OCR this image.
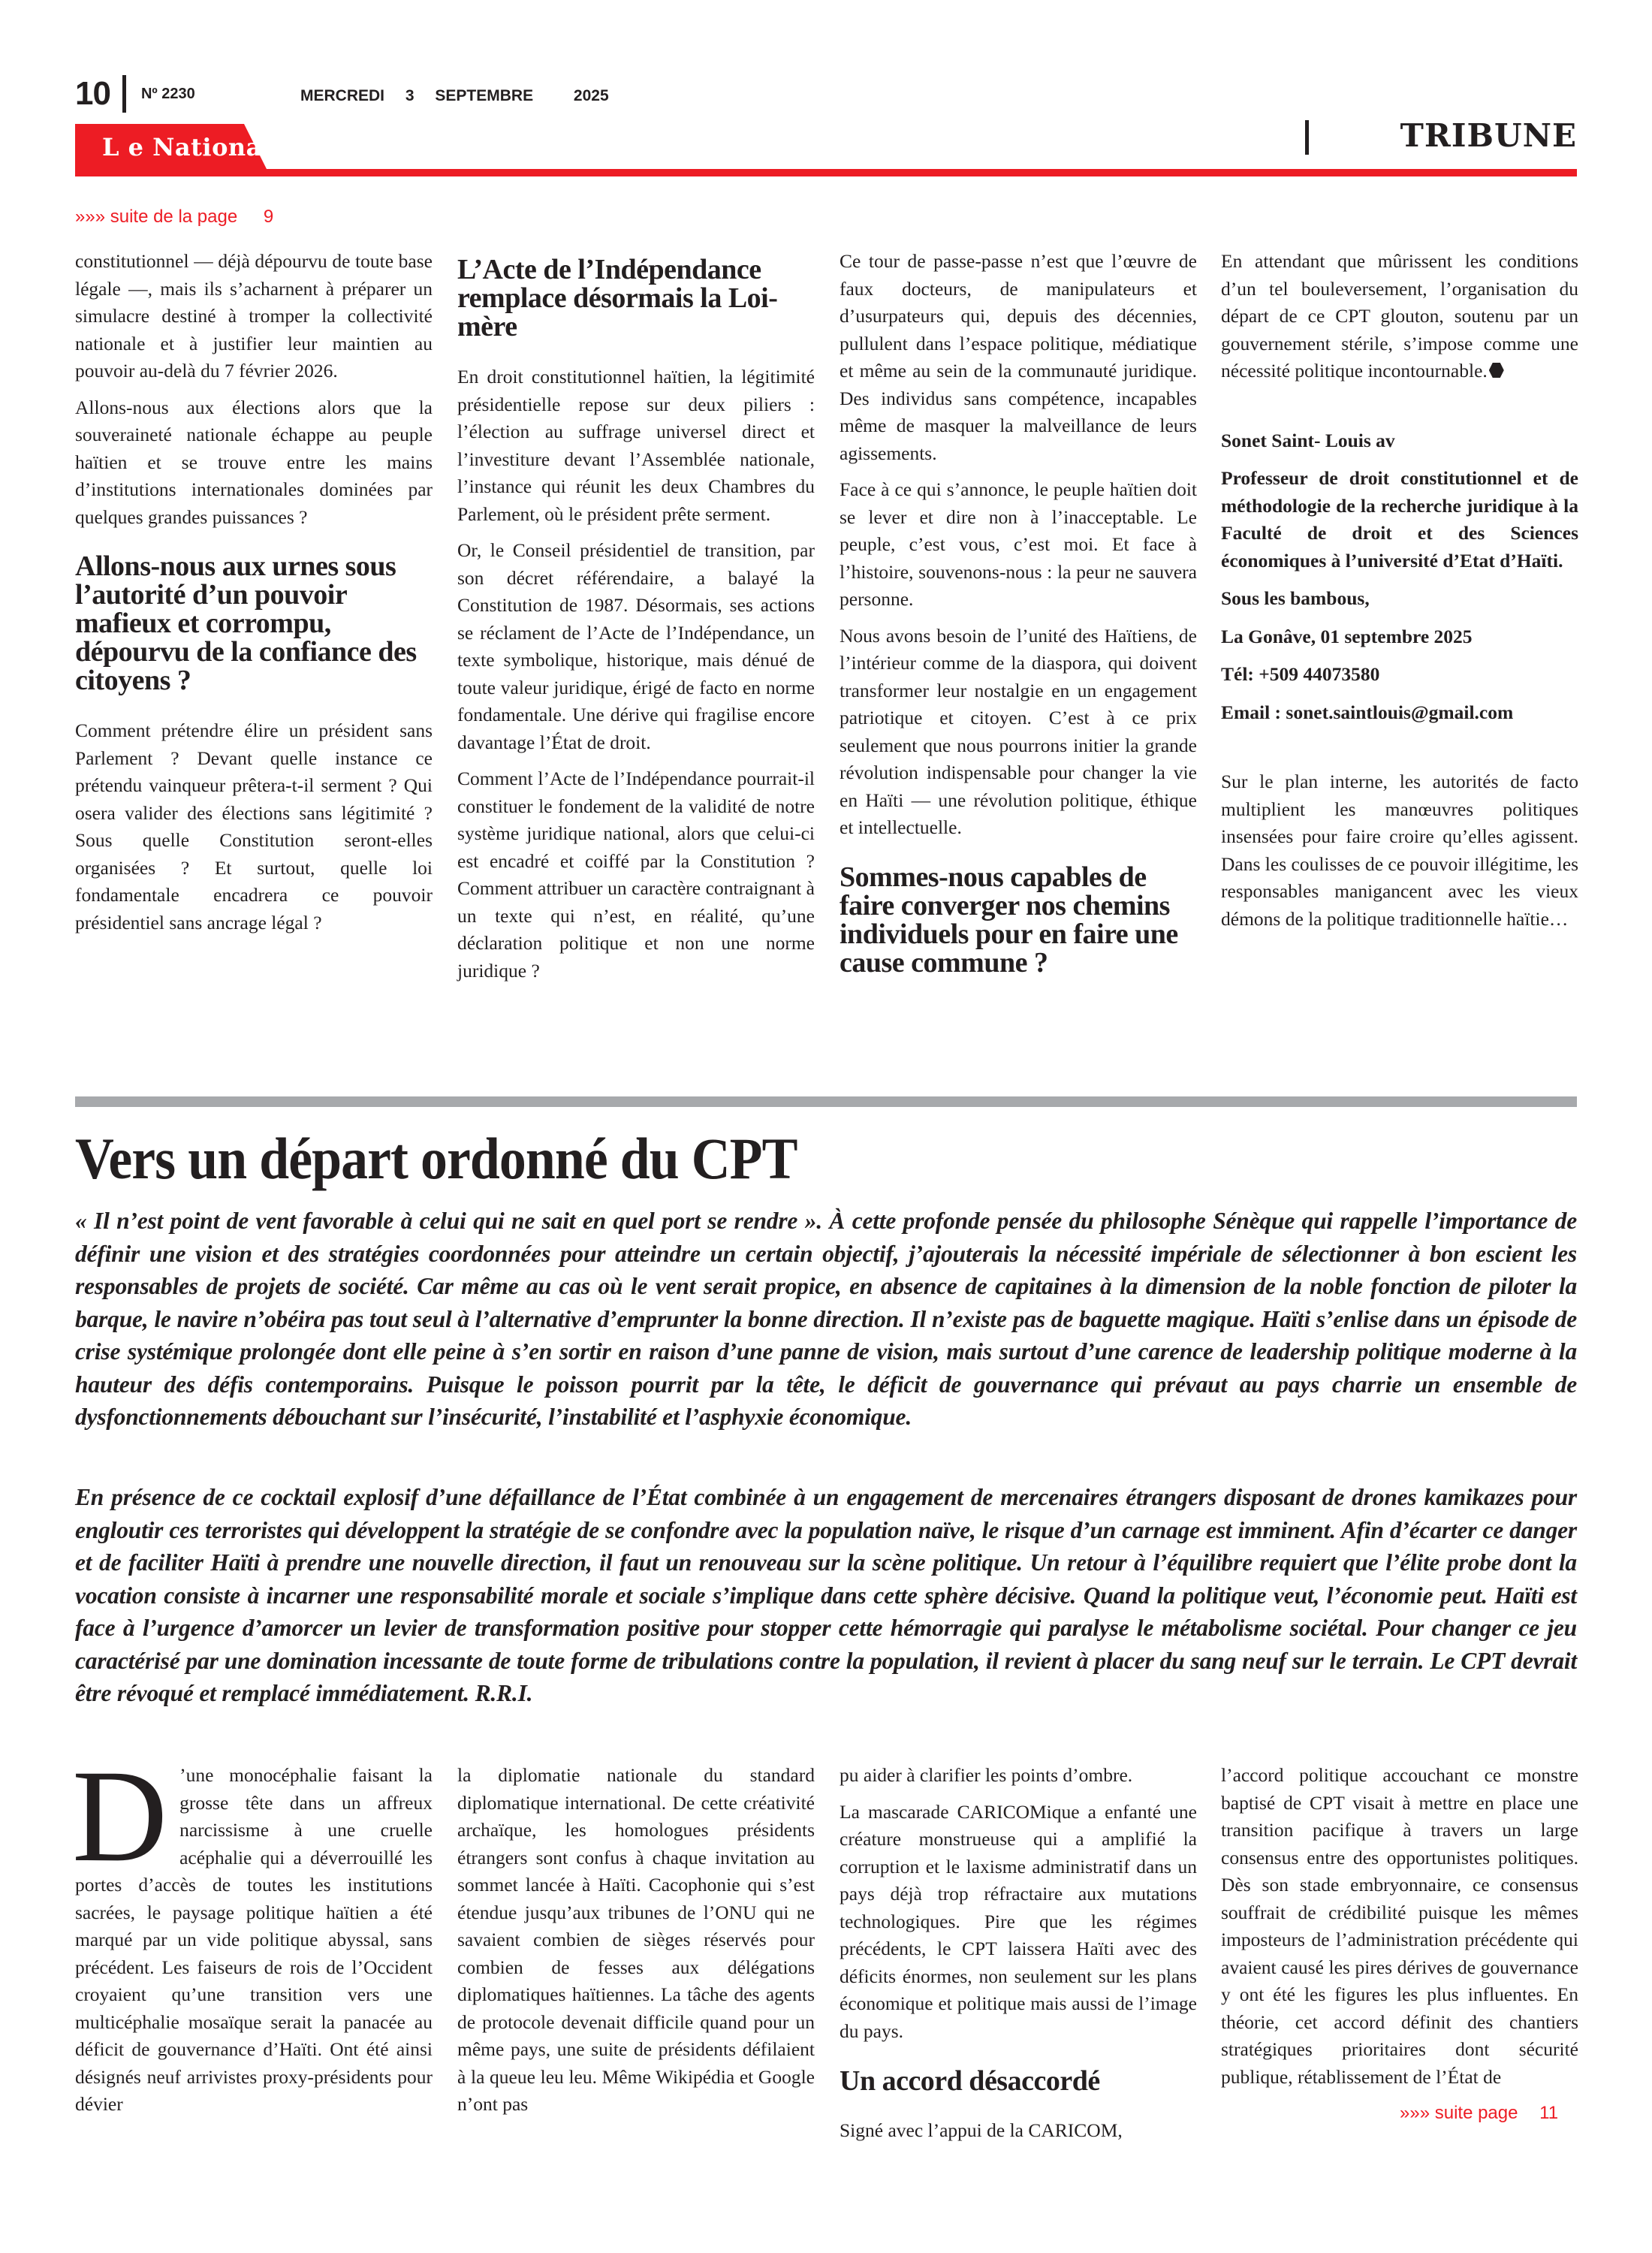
10 Nº 2230	MERCREDI 3 SEPTEMBRE	2025
L e National	TRIBUNE
»»» suite de la page 9

constitutionnel — déjà dépourvu de toute base légale —, mais ils s’acharnent à préparer un simulacre destiné à tromper la collectivité nationale et à justifier leur maintien au pouvoir au-delà du 7 février 2026.

Allons-nous aux élections alors que la souveraineté nationale échappe au peuple haïtien et se trouve entre les mains d’institutions internationales dominées par quelques grandes puissances ?

Allons-nous aux urnes sous l’autorité d’un pouvoir mafieux et corrompu, dépourvu de la confiance des citoyens ?

Comment prétendre élire un président sans Parlement ? Devant quelle instance ce prétendu vainqueur prêtera-t-il serment ? Qui osera valider des élections sans légitimité ? Sous quelle Constitution seront-elles organisées ? Et surtout, quelle loi fondamentale encadrera ce pouvoir présidentiel sans ancrage légal ?

L’Acte de l’Indépendance remplace désormais la Loi-mère

En droit constitutionnel haïtien, la légitimité présidentielle repose sur deux piliers : l’élection au suffrage universel direct et l’investiture devant l’Assemblée nationale, l’instance qui réunit les deux Chambres du Parlement, où le président prête serment.

Or, le Conseil présidentiel de transition, par son décret référendaire, a balayé la Constitution de 1987. Désormais, ses actions se réclament de l’Acte de l’Indépendance, un texte symbolique, historique, mais dénué de toute valeur juridique, érigé de facto en norme fondamentale. Une dérive qui fragilise encore davantage l’État de droit.

Comment l’Acte de l’Indépendance pourrait-il constituer le fondement de la validité de notre système juridique national, alors que celui-ci est encadré et coiffé par la Constitution ? Comment attribuer un caractère contraignant à un texte qui n’est, en réalité, qu’une déclaration politique et non une norme juridique ?

Ce tour de passe-passe n’est que l’œuvre de faux docteurs, de manipulateurs et d’usurpateurs qui, depuis des décennies, pullulent dans l’espace politique, médiatique et même au sein de la communauté juridique. Des individus sans compétence, incapables même de masquer la malveillance de leurs agissements.

Face à ce qui s’annonce, le peuple haïtien doit se lever et dire non à l’inacceptable. Le peuple, c’est vous, c’est moi. Et face à l’histoire, souvenons-nous : la peur ne sauvera personne.

Nous avons besoin de l’unité des Haïtiens, de l’intérieur comme de la diaspora, qui doivent transformer leur nostalgie en un engagement patriotique et citoyen. C’est à ce prix seulement que nous pourrons initier la grande révolution indispensable pour changer la vie en Haïti — une révolution politique, éthique et intellectuelle.

Sommes-nous capables de faire converger nos chemins individuels pour en faire une cause commune ?

En attendant que mûrissent les conditions d’un tel bouleversement, l’organisation du départ de ce CPT glouton, soutenu par un gouvernement stérile, s’impose comme une nécessité politique incontournable.

Sonet Saint- Louis av

Professeur de droit constitutionnel et de méthodologie de la recherche juridique à la Faculté de droit et des Sciences économiques à l’université d’Etat d’Haïti.

Sous les bambous,

La Gonâve, 01 septembre 2025

Tél: +509 44073580

Email : sonet.saintlouis@gmail.com

Sur le plan interne, les autorités de facto multiplient les manœuvres politiques insensées pour faire croire qu’elles agissent. Dans les coulisses de ce pouvoir illégitime, les responsables manigancent avec les vieux démons de la politique traditionnelle haïtie…

Vers un départ ordonné du CPT

« Il n’est point de vent favorable à celui qui ne sait en quel port se rendre ». À cette profonde pensée du philosophe Sénèque qui rappelle l’importance de définir une vision et des stratégies coordonnées pour atteindre un certain objectif, j’ajouterais la nécessité impériale de sélectionner à bon escient les responsables de projets de société. Car même au cas où le vent serait propice, en absence de capitaines à la dimension de la noble fonction de piloter la barque, le navire n’obéira pas tout seul à l’alternative d’emprunter la bonne direction. Il n’existe pas de baguette magique. Haïti s’enlise dans un épisode de crise systémique prolongée dont elle peine à s’en sortir en raison d’une panne de vision, mais surtout d’une carence de leadership politique moderne à la hauteur des défis contemporains. Puisque le poisson pourrit par la tête, le déficit de gouvernance qui prévaut au pays charrie un ensemble de dysfonctionnements débouchant sur l’insécurité, l’instabilité et l’asphyxie économique.

En présence de ce cocktail explosif d’une défaillance de l’État combinée à un engagement de mercenaires étrangers disposant de drones kamikazes pour engloutir ces terroristes qui développent la stratégie de se confondre avec la population naïve, le risque d’un carnage est imminent. Afin d’écarter ce danger et de faciliter Haïti à prendre une nouvelle direction, il faut un renouveau sur la scène politique. Un retour à l’équilibre requiert que l’élite probe dont la vocation consiste à incarner une responsabilité morale et sociale s’implique dans cette sphère décisive. Quand la politique veut, l’économie peut. Haïti est face à l’urgence d’amorcer un levier de transformation positive pour stopper cette hémorragie qui paralyse le métabolisme sociétal. Pour changer ce jeu caractérisé par une domination incessante de toute forme de tribulations contre la population, il revient à placer du sang neuf sur le terrain. Le CPT devrait être révoqué et remplacé immédiatement. R.R.I.

D ’une monocéphalie faisant la grosse tête dans un affreux narcissisme à une cruelle acéphalie qui a déverrouillé les portes d’accès de toutes les institutions sacrées, le paysage politique haïtien a été marqué par un vide politique abyssal, sans précédent. Les faiseurs de rois de l’Occident croyaient qu’une transition vers une multicéphalie mosaïque serait la panacée au déficit de gouvernance d’Haïti. Ont été ainsi désignés neuf arrivistes proxy-présidents pour dévier

la diplomatie nationale du standard diplomatique international. De cette créativité archaïque, les homologues présidents étrangers sont confus à chaque invitation au sommet lancée à Haïti. Cacophonie qui s’est étendue jusqu’aux tribunes de l’ONU qui ne savaient combien de sièges réservés pour combien de fesses aux délégations diplomatiques haïtiennes. La tâche des agents de protocole devenait difficile quand pour un même pays, une suite de présidents défilaient à la queue leu leu. Même Wikipédia et Google n’ont pas

pu aider à clarifier les points d’ombre.

La mascarade CARICOMique a enfanté une créature monstrueuse qui a amplifié la corruption et le laxisme administratif dans un pays déjà trop réfractaire aux mutations technologiques. Pire que les régimes précédents, le CPT laissera Haïti avec des déficits énormes, non seulement sur les plans économique et politique mais aussi de l’image du pays.

Un accord désaccordé

Signé avec l’appui de la CARICOM,

l’accord politique accouchant ce monstre baptisé de CPT visait à mettre en place une transition pacifique à travers un large consensus entre des opportunistes politiques. Dès son stade embryonnaire, ce consensus souffrait de crédibilité puisque les mêmes imposteurs de l’administration précédente qui avaient causé les pires dérives de gouvernance y ont été les figures les plus influentes. En théorie, cet accord définit des chantiers stratégiques prioritaires dont sécurité publique, rétablissement de l’État de

»»» suite page 11
